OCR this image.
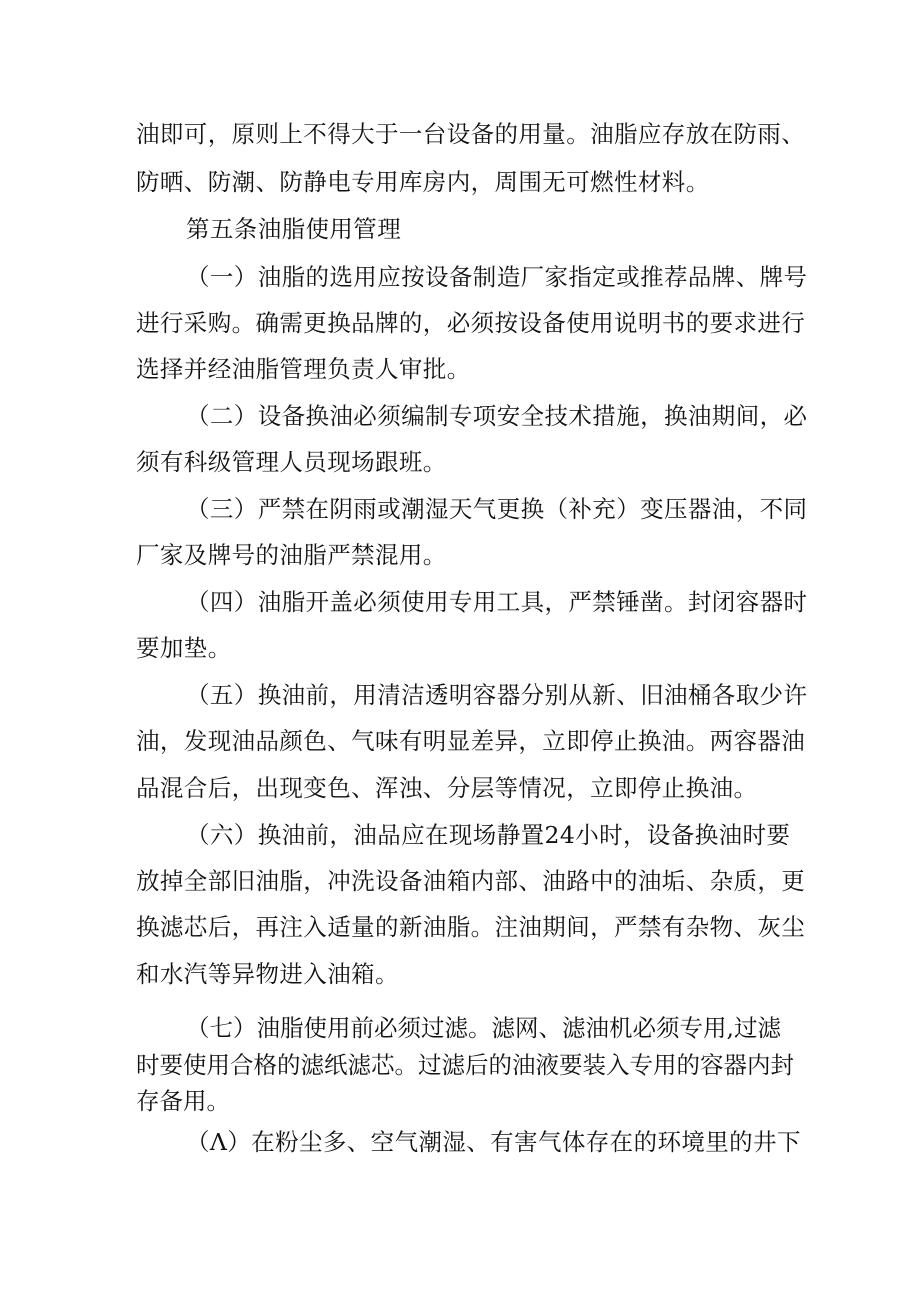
油即可，原则上不得大于一台设备的用量。油脂应存放在防雨、
防晒、防潮、防静电专用库房内，周围无可燃性材料。
第五条油脂使用管理
（一）油脂的选用应按设备制造厂家指定或推荐品牌、牌号
进行采购。确需更换品牌的，必须按设备使用说明书的要求进行
选择并经油脂管理负责人审批。
（二）设备换油必须编制专项安全技术措施，换油期间，必
须有科级管理人员现场跟班。
（三）严禁在阴雨或潮湿天气更换（补充）变压器油，不同
厂家及牌号的油脂严禁混用。
（四）油脂开盖必须使用专用工具，严禁锤凿。封闭容器时
要加垫。
（五）换油前，用清洁透明容器分别从新、旧油桶各取少许
油，发现油品颜色、气味有明显差异，立即停止换油。两容器油
品混合后，出现变色、浑浊、分层等情况，立即停止换油。
（六）换油前，油品应在现场静置24小时，设备换油时要
放掉全部旧油脂，冲洗设备油箱内部、油路中的油垢、杂质，更
换滤芯后，再注入适量的新油脂。注油期间，严禁有杂物、灰尘
和水汽等异物进入油箱。
（七）油脂使用前必须过滤。滤网、滤油机必须专用,过滤
时要使用合格的滤纸滤芯。过滤后的油液要装入专用的容器内封
存备用。
（Λ）在粉尘多、空气潮湿、有害气体存在的环境里的井下
